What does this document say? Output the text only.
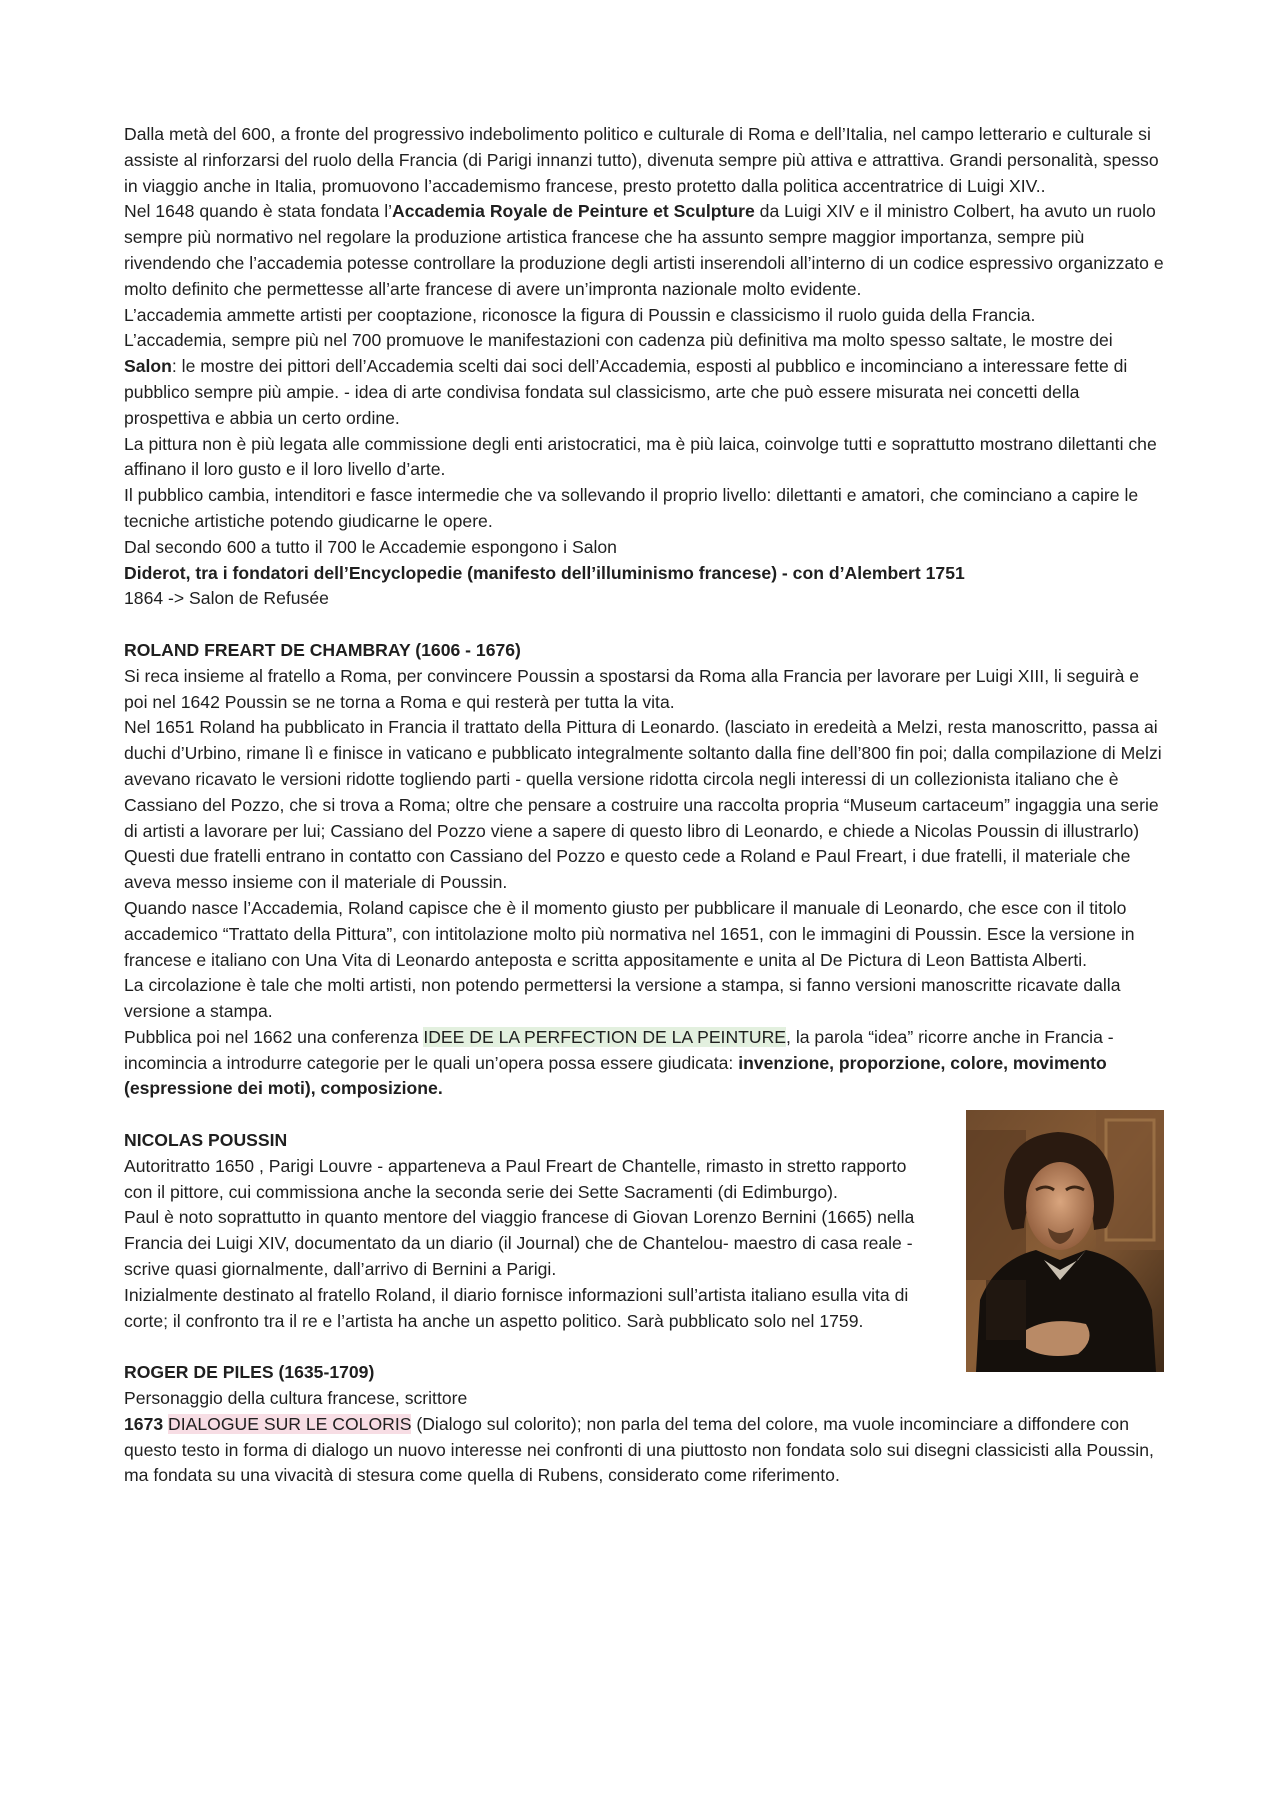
Dalla metà del 600, a fronte del progressivo indebolimento politico e culturale di Roma e dell’Italia, nel campo letterario e culturale si assiste al rinforzarsi del ruolo della Francia (di Parigi innanzi tutto), divenuta sempre più attiva e attrattiva. Grandi personalità, spesso in viaggio anche in Italia, promuovono l’accademismo francese, presto protetto dalla politica accentratrice di Luigi XIV..

Nel 1648 quando è stata fondata l’Accademia Royale de Peinture et Sculpture da Luigi XIV e il ministro Colbert, ha avuto un ruolo sempre più normativo nel regolare la produzione artistica francese che ha assunto sempre maggior importanza, sempre più rivendendo che l’accademia potesse controllare la produzione degli artisti inserendoli all’interno di un codice espressivo organizzato e molto definito che permettesse all’arte francese di avere un’impronta nazionale molto evidente.

L’accademia ammette artisti per cooptazione, riconosce la figura di Poussin e classicismo il ruolo guida della Francia.

L’accademia, sempre più nel 700 promuove le manifestazioni con cadenza più definitiva ma molto spesso saltate, le mostre dei Salon: le mostre dei pittori dell’Accademia scelti dai soci dell’Accademia, esposti al pubblico e incominciano a interessare fette di pubblico sempre più ampie. - idea di arte condivisa fondata sul classicismo, arte che può essere misurata nei concetti della prospettiva e abbia un certo ordine.

La pittura non è più legata alle commissione degli enti aristocratici, ma è più laica, coinvolge tutti e soprattutto mostrano dilettanti che affinano il loro gusto e il loro livello d’arte.

Il pubblico cambia, intenditori e fasce intermedie che va sollevando il proprio livello: dilettanti e amatori, che cominciano a capire le tecniche artistiche potendo giudicarne le opere.

Dal secondo 600 a tutto il 700 le Accademie espongono i Salon

Diderot, tra i fondatori dell’Encyclopedie (manifesto dell’illuminismo francese) - con d’Alembert 1751

1864 -> Salon de Refusée

ROLAND FREART DE CHAMBRAY (1606 - 1676)

Si reca insieme al fratello a Roma, per convincere Poussin a spostarsi da Roma alla Francia per lavorare per Luigi XIII, li seguirà e poi nel 1642 Poussin se ne torna a Roma e qui resterà per tutta la vita.

Nel 1651 Roland ha pubblicato in Francia il trattato della Pittura di Leonardo. (lasciato in eredeità a Melzi, resta manoscritto, passa ai duchi d’Urbino, rimane lì e finisce in vaticano e pubblicato integralmente soltanto dalla fine dell’800 fin poi; dalla compilazione di Melzi avevano ricavato le versioni ridotte togliendo parti - quella versione ridotta circola negli interessi di un collezionista italiano che è Cassiano del Pozzo, che si trova a Roma; oltre che pensare a costruire una raccolta propria “Museum cartaceum” ingaggia una serie di artisti a lavorare per lui; Cassiano del Pozzo viene a sapere di questo libro di Leonardo, e chiede a Nicolas Poussin di illustrarlo)

Questi due fratelli entrano in contatto con Cassiano del Pozzo e questo cede a Roland e Paul Freart, i due fratelli, il materiale che aveva messo insieme con il materiale di Poussin.

Quando nasce l’Accademia, Roland capisce che è il momento giusto per pubblicare il manuale di Leonardo, che esce con il titolo accademico “Trattato della Pittura”, con intitolazione molto più normativa nel 1651, con le immagini di Poussin. Esce la versione in francese e italiano con Una Vita di Leonardo anteposta e scritta appositamente e unita al De Pictura di Leon Battista Alberti.

La circolazione è tale che molti artisti, non potendo permettersi la versione a stampa, si fanno versioni manoscritte ricavate dalla versione a stampa.

Pubblica poi nel 1662 una conferenza IDEE DE LA PERFECTION DE LA PEINTURE, la parola “idea” ricorre anche in Francia - incomincia a introdurre categorie per le quali un’opera possa essere giudicata: invenzione, proporzione, colore, movimento (espressione dei moti), composizione.

NICOLAS POUSSIN

Autoritratto 1650 , Parigi Louvre - apparteneva a Paul Freart de Chantelle, rimasto in stretto rapporto con il pittore, cui commissiona anche la seconda serie dei Sette Sacramenti (di Edimburgo).

Paul è noto soprattutto in quanto mentore del viaggio francese di Giovan Lorenzo Bernini (1665) nella Francia dei Luigi XIV, documentato da un diario (il Journal) che de Chantelou- maestro di casa reale - scrive quasi giornalmente, dall’arrivo di Bernini a Parigi.

Inizialmente destinato al fratello Roland, il diario fornisce informazioni sull’artista italiano esulla vita di corte; il confronto tra il re e l’artista ha anche un aspetto politico. Sarà pubblicato solo nel 1759.

ROGER DE PILES (1635-1709)

Personaggio della cultura francese, scrittore

1673 DIALOGUE SUR LE COLORIS (Dialogo sul colorito); non parla del tema del colore, ma vuole incominciare a diffondere con questo testo in forma di dialogo un nuovo interesse nei confronti di una piuttosto non fondata solo sui disegni classicisti alla Poussin, ma fondata su una vivacità di stesura come quella di Rubens, considerato come riferimento.
